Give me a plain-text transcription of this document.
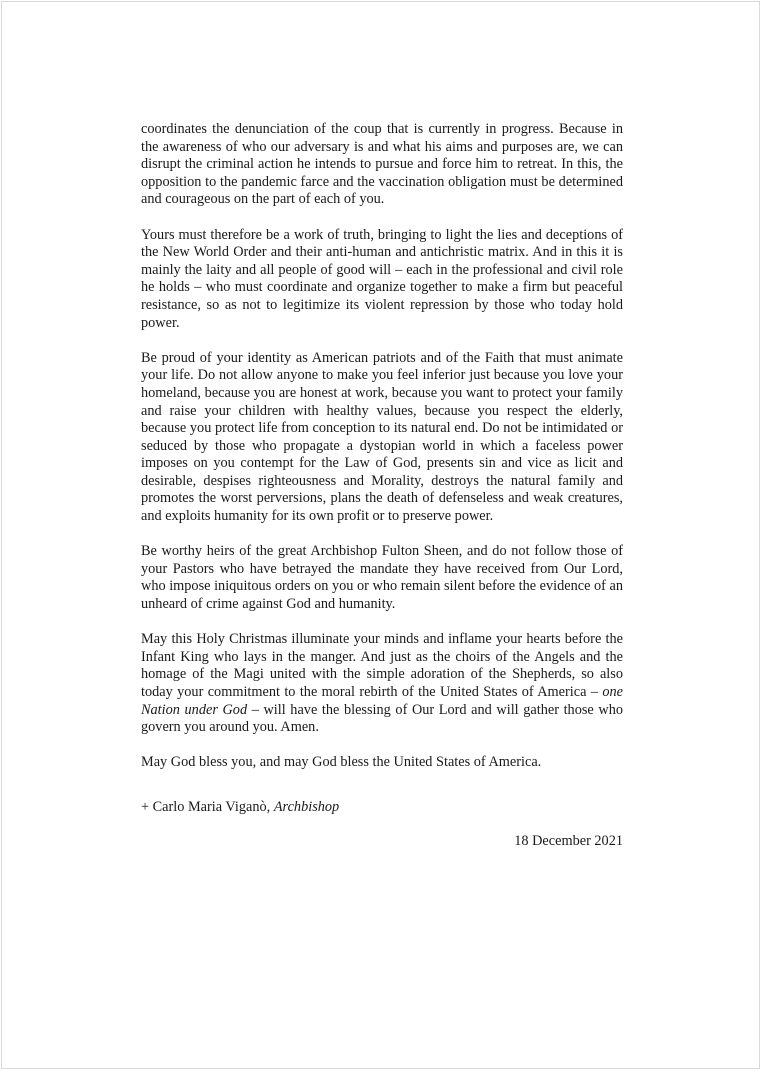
coordinates the denunciation of the coup that is currently in progress. Because in the awareness of who our adversary is and what his aims and purposes are, we can disrupt the criminal action he intends to pursue and force him to retreat. In this, the opposition to the pandemic farce and the vaccination obligation must be determined and courageous on the part of each of you.

Yours must therefore be a work of truth, bringing to light the lies and deceptions of the New World Order and their anti-human and antichristic matrix. And in this it is mainly the laity and all people of good will – each in the professional and civil role he holds – who must coordinate and organize together to make a firm but peaceful resistance, so as not to legitimize its violent repression by those who today hold power.

Be proud of your identity as American patriots and of the Faith that must animate your life. Do not allow anyone to make you feel inferior just because you love your homeland, because you are honest at work, because you want to protect your family and raise your children with healthy values, because you respect the elderly, because you protect life from conception to its natural end. Do not be intimidated or seduced by those who propagate a dystopian world in which a faceless power imposes on you contempt for the Law of God, presents sin and vice as licit and desirable, despises righteousness and Morality, destroys the natural family and promotes the worst perversions, plans the death of defenseless and weak creatures, and exploits humanity for its own profit or to preserve power.

Be worthy heirs of the great Archbishop Fulton Sheen, and do not follow those of your Pastors who have betrayed the mandate they have received from Our Lord, who impose iniquitous orders on you or who remain silent before the evidence of an unheard of crime against God and humanity.

May this Holy Christmas illuminate your minds and inflame your hearts before the Infant King who lays in the manger. And just as the choirs of the Angels and the homage of the Magi united with the simple adoration of the Shepherds, so also today your commitment to the moral rebirth of the United States of America – one Nation under God – will have the blessing of Our Lord and will gather those who govern you around you. Amen.

May God bless you, and may God bless the United States of America.

+ Carlo Maria Viganò, Archbishop
18 December 2021
